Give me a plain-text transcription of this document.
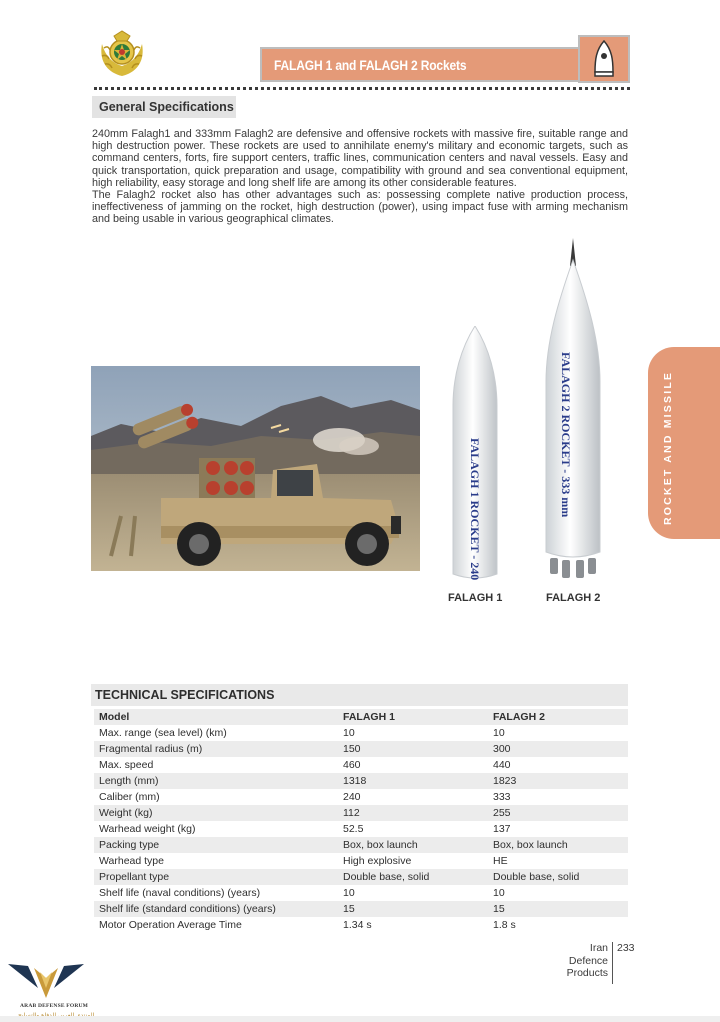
FALAGH 1 and FALAGH 2 Rockets
General Specifications

240mm Falagh1 and 333mm Falagh2 are defensive and offensive rockets with massive fire, suitable range and high destruction power. These rockets are used to annihilate enemy's military and economic targets, such as command centers, forts, fire support centers, traffic lines, communication centers and naval vessels. Easy and quick transportation, quick preparation and usage, compatibility with ground and sea conventional equipment, high reliability, easy storage and long shelf life are among its other considerable features.

The Falagh2 rocket also has other advantages such as: possessing complete native production process, ineffectiveness of jamming on the rocket, high destruction (power), using impact fuse with arming mechanism and being usable in various geographical climates.

FALAGH 1 ROCKET - 240 mm
FALAGH 2 ROCKET - 333 mm
FALAGH 1	FALAGH 2
ROCKET AND MISSILE
TECHNICAL SPECIFICATIONS
Model	FALAGH 1	FALAGH 2
Max. range (sea level) (km)	10	10
Fragmental radius (m)	150	300
Max. speed	460	440
Length (mm)	1318	1823
Caliber (mm)	240	333
Weight (kg)	112	255
Warhead weight (kg)	52.5	137
Packing type	Box, box launch	Box, box launch
Warhead type	High explosive	HE
Propellant type	Double base, solid	Double base, solid
Shelf life (naval conditions) (years)	10	10
Shelf life (standard conditions) (years)	15	15
Motor Operation Average Time	1.34 s	1.8 s
Iran
Defence
Products
233
ARAB DEFENSE FORUM
